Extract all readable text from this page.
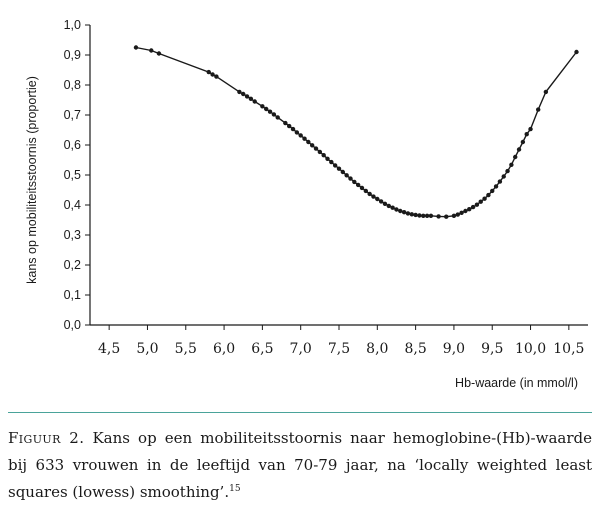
0,0
0,1
0,2
0,3
0,4
0,5
0,6
0,7
0,8
0,9
1,0
4,5 5,0 5,5 6,0 6,5 7,0 7,5 8,0 8,5 9,0 9,5 10,0 10,5
kans op mobiliteitsstoornis (proportie)
Hb-waarde (in mmol/l)
Figuur 2. Kans op een mobiliteitsstoornis naar hemoglobine-(Hb)-waarde bij 633 vrouwen in de leeftijd van 70-79 jaar, na ‘locally weighted least squares (lowess) smoothing’.$^{15}$
